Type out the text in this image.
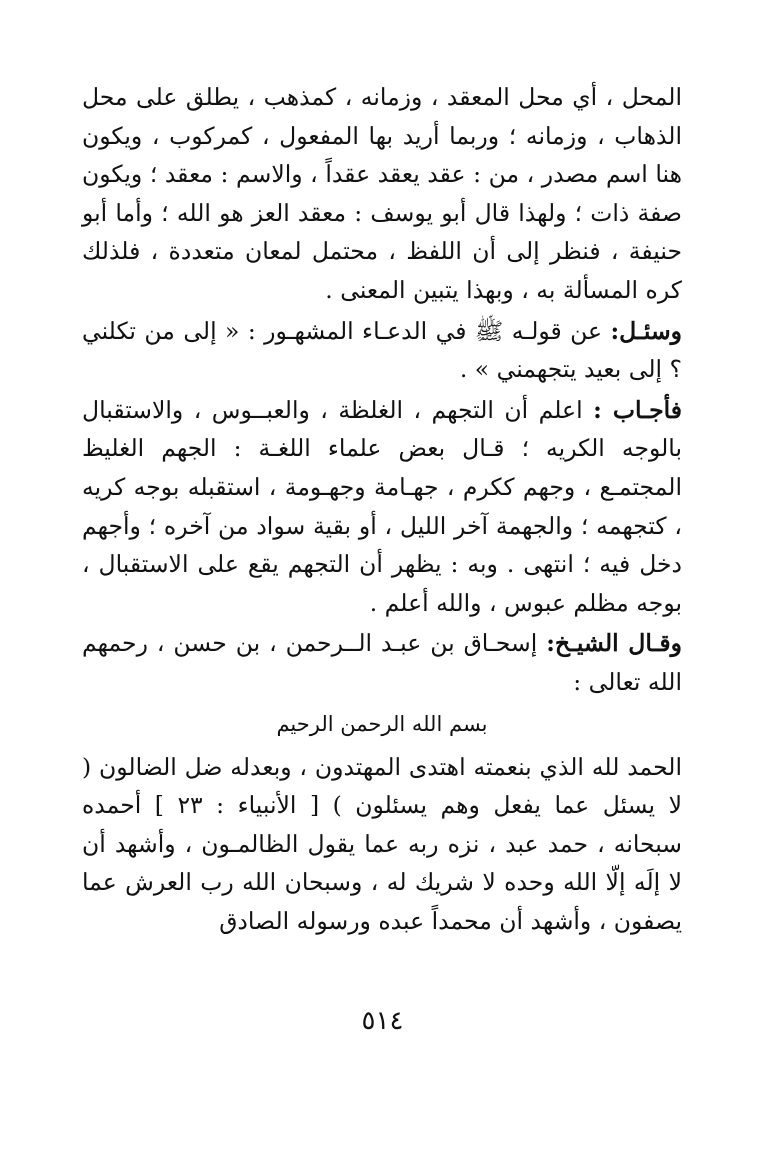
المحل ، أي محل المعقد ، وزمانه ، كمذهب ، يطلق على محل الذهاب ، وزمانه ؛ وربما أريد بها المفعول ، كمركوب ، ويكون هنا اسم مصدر ، من : عقد يعقد عقداً ، والاسم : معقد ؛ ويكون صفة ذات ؛ ولهذا قال أبو يوسف : معقد العز هو الله ؛ وأما أبو حنيفة ، فنظر إلى أن اللفظ ، محتمل لمعان متعددة ، فلذلك كره المسألة به ، وبهذا يتبين المعنى .

وسئـل: عن قولـه ﷺ في الدعـاء المشهـور : « إلى من تكلني ؟ إلى بعيد يتجهمني » .

فأجـاب : اعلم أن التجهم ، الغلظة ، والعبــوس ، والاستقبال بالوجه الكريه ؛ قـال بعض علماء اللغـة : الجهم الغليظ المجتمـع ، وجهم ككرم ، جهـامة وجهـومة ، استقبله بوجه كريه ، كتجهمه ؛ والجهمة آخر الليل ، أو بقية سواد من آخره ؛ وأجهم دخل فيه ؛ انتهى . وبه : يظهر أن التجهم يقع على الاستقبال ، بوجه مظلم عبوس ، والله أعلم .

وقـال الشيـخ: إسحـاق بن عبـد الــرحمن ، بن حسن ، رحمهم الله تعالى :

بسم الله الرحمن الرحيم

الحمد لله الذي بنعمته اهتدى المهتدون ، وبعدله ضل الضالون ( لا يسئل عما يفعل وهم يسئلون ) [ الأنبياء : ٢٣ ] أحمده سبحانه ، حمد عبد ، نزه ربه عما يقول الظالمـون ، وأشهد أن لا إلَه إلّا الله وحده لا شريك له ، وسبحان الله رب العرش عما يصفون ، وأشهد أن محمداً عبده ورسوله الصادق

٥١٤
